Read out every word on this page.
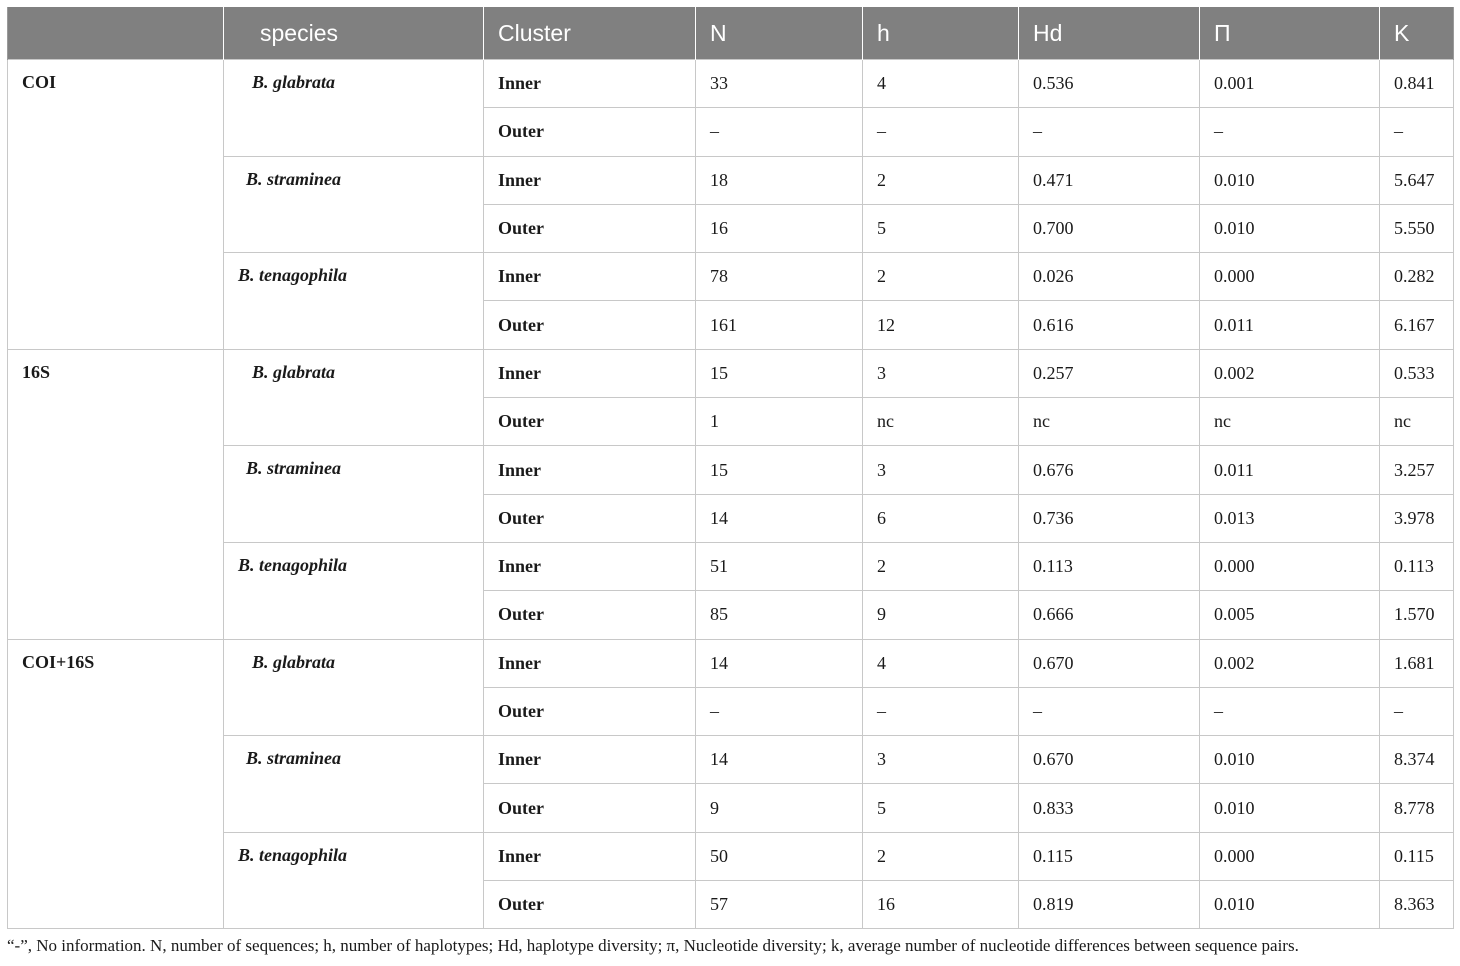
	species	Cluster	N	h	Hd	Π	K
COI	B. glabrata	Inner	33	4	0.536	0.001	0.841
		Outer	–	–	–	–	–
	B. straminea	Inner	18	2	0.471	0.010	5.647
		Outer	16	5	0.700	0.010	5.550
	B. tenagophila	Inner	78	2	0.026	0.000	0.282
		Outer	161	12	0.616	0.011	6.167
16S	B. glabrata	Inner	15	3	0.257	0.002	0.533
		Outer	1	nc	nc	nc	nc
	B. straminea	Inner	15	3	0.676	0.011	3.257
		Outer	14	6	0.736	0.013	3.978
	B. tenagophila	Inner	51	2	0.113	0.000	0.113
		Outer	85	9	0.666	0.005	1.570
COI+16S	B. glabrata	Inner	14	4	0.670	0.002	1.681
		Outer	–	–	–	–	–
	B. straminea	Inner	14	3	0.670	0.010	8.374
		Outer	9	5	0.833	0.010	8.778
	B. tenagophila	Inner	50	2	0.115	0.000	0.115
		Outer	57	16	0.819	0.010	8.363
“-”, No information. N, number of sequences; h, number of haplotypes; Hd, haplotype diversity; π, Nucleotide diversity; k, average number of nucleotide differences between sequence pairs.
